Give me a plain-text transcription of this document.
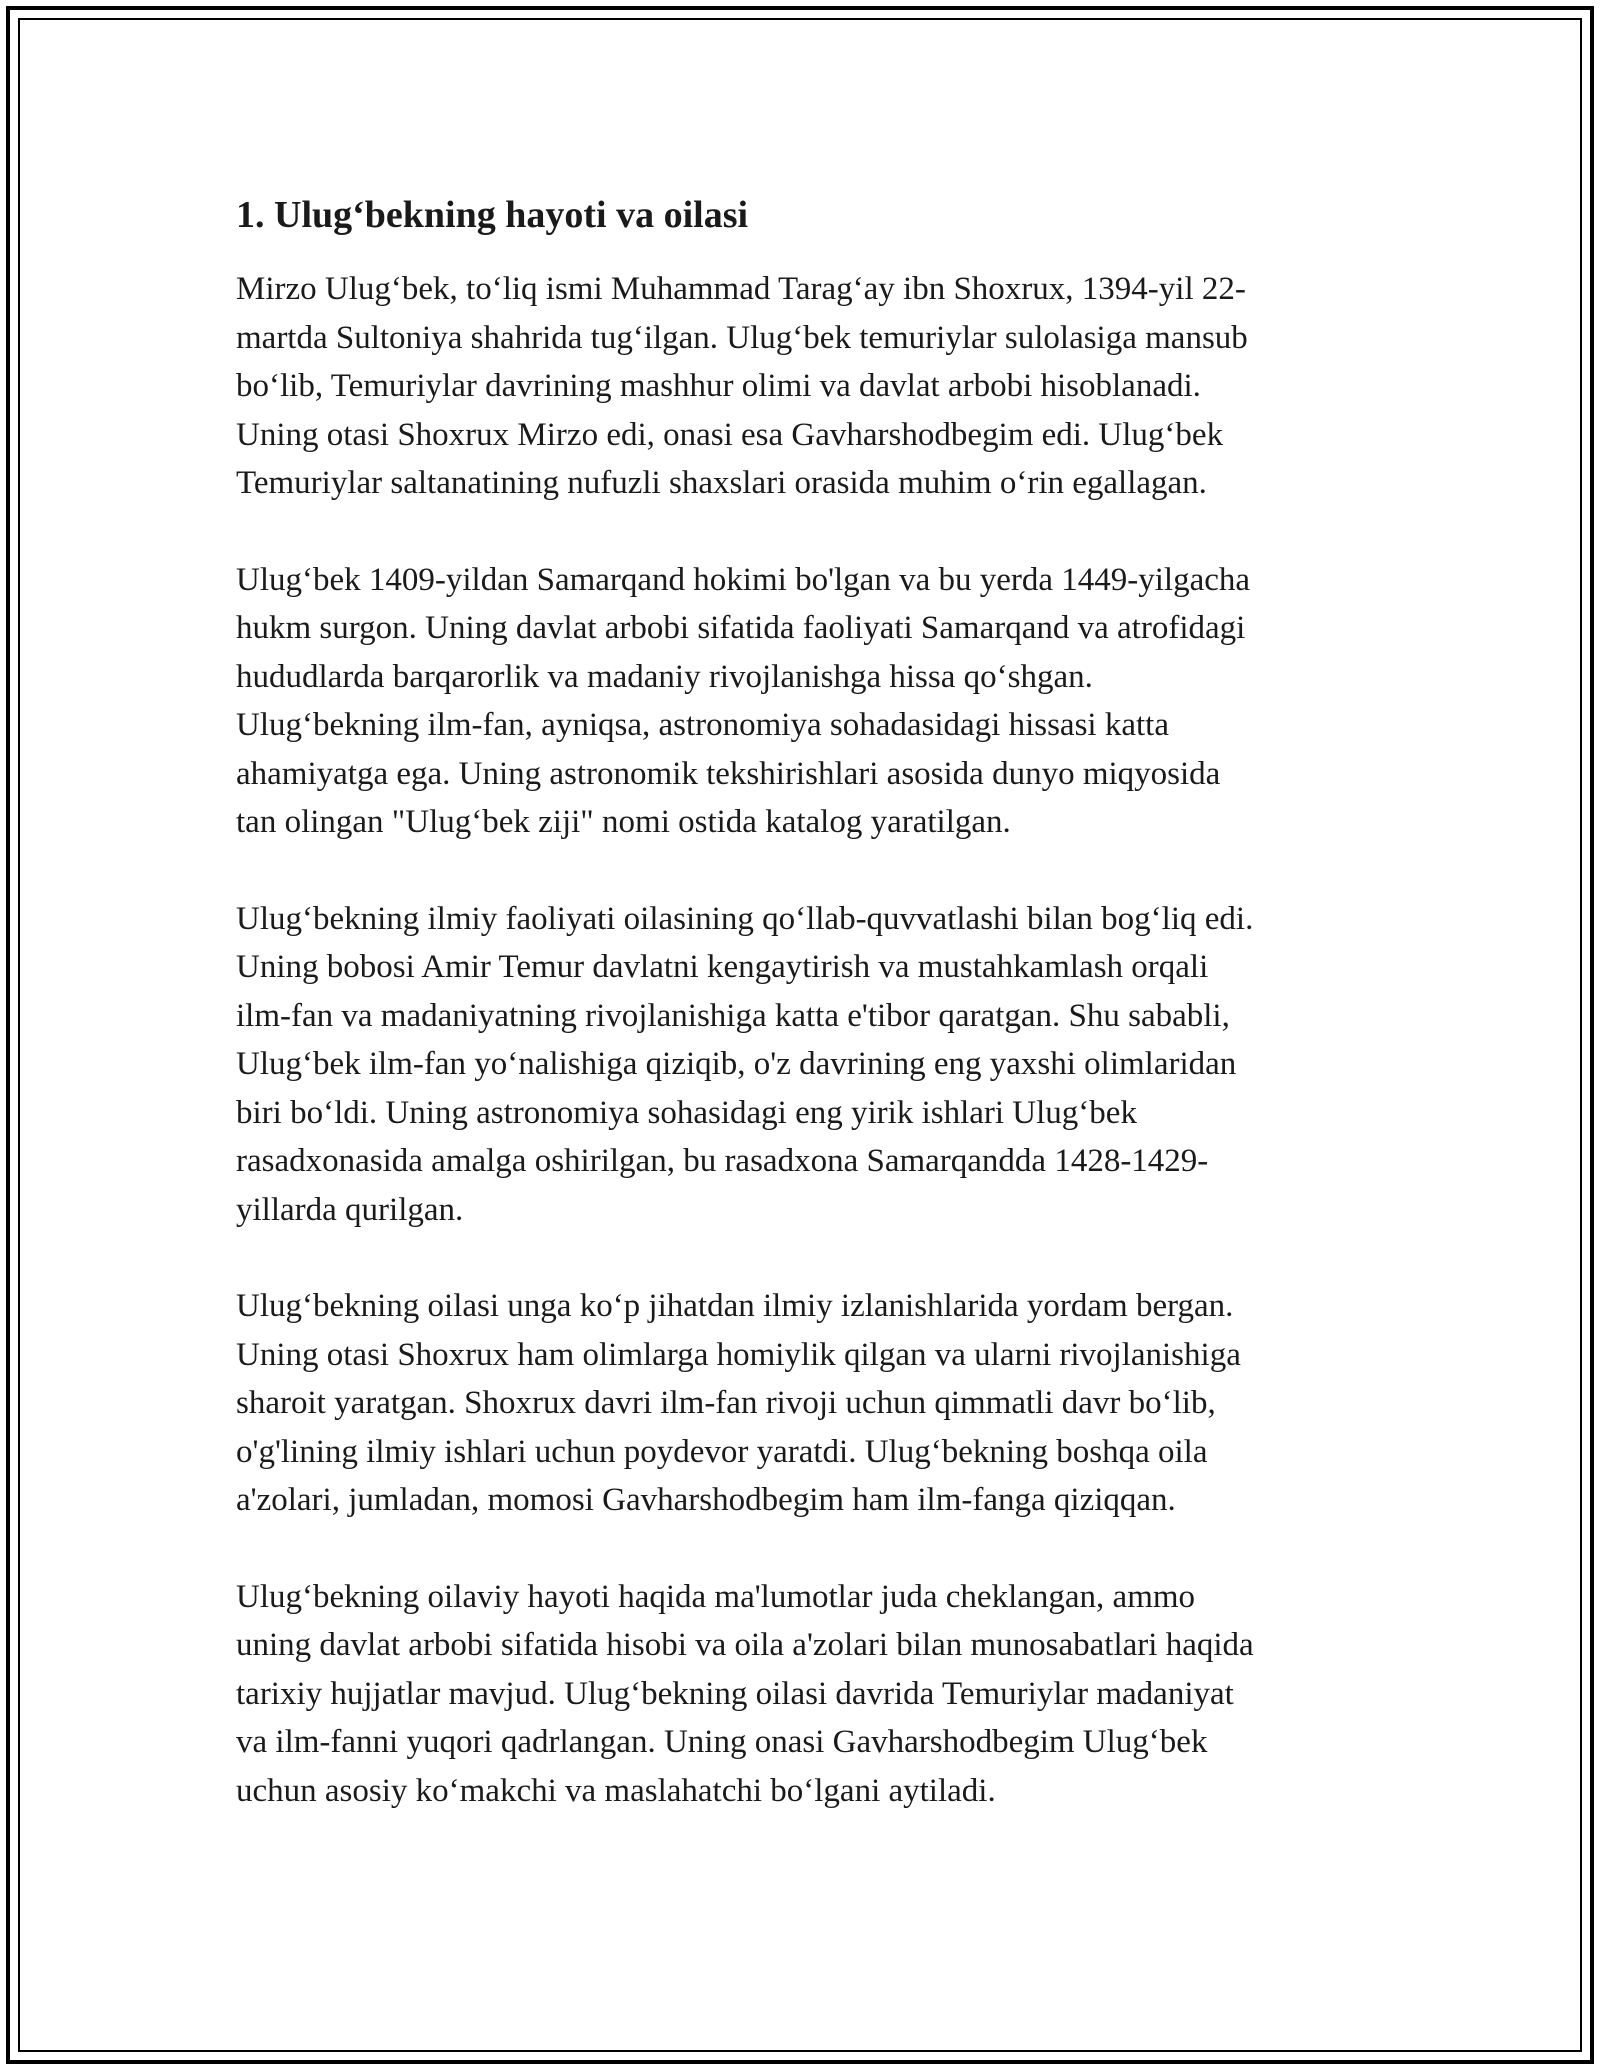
1. Ulug‘bekning hayoti va oilasi

Mirzo Ulug‘bek, to‘liq ismi Muhammad Tarag‘ay ibn Shoxrux, 1394-yil 22-
martda Sultoniya shahrida tug‘ilgan. Ulug‘bek temuriylar sulolasiga mansub
bo‘lib, Temuriylar davrining mashhur olimi va davlat arbobi hisoblanadi.
Uning otasi Shoxrux Mirzo edi, onasi esa Gavharshodbegim edi. Ulug‘bek
Temuriylar saltanatining nufuzli shaxslari orasida muhim o‘rin egallagan.

Ulug‘bek 1409-yildan Samarqand hokimi bo'lgan va bu yerda 1449-yilgacha
hukm surgon. Uning davlat arbobi sifatida faoliyati Samarqand va atrofidagi
hududlarda barqarorlik va madaniy rivojlanishga hissa qo‘shgan.
Ulug‘bekning ilm-fan, ayniqsa, astronomiya sohadasidagi hissasi katta
ahamiyatga ega. Uning astronomik tekshirishlari asosida dunyo miqyosida
tan olingan "Ulug‘bek ziji" nomi ostida katalog yaratilgan.

Ulug‘bekning ilmiy faoliyati oilasining qo‘llab-quvvatlashi bilan bog‘liq edi.
Uning bobosi Amir Temur davlatni kengaytirish va mustahkamlash orqali
ilm-fan va madaniyatning rivojlanishiga katta e'tibor qaratgan. Shu sababli,
Ulug‘bek ilm-fan yo‘nalishiga qiziqib, o'z davrining eng yaxshi olimlaridan
biri bo‘ldi. Uning astronomiya sohasidagi eng yirik ishlari Ulug‘bek
rasadxonasida amalga oshirilgan, bu rasadxona Samarqandda 1428-1429-
yillarda qurilgan.

Ulug‘bekning oilasi unga ko‘p jihatdan ilmiy izlanishlarida yordam bergan.
Uning otasi Shoxrux ham olimlarga homiylik qilgan va ularni rivojlanishiga
sharoit yaratgan. Shoxrux davri ilm-fan rivoji uchun qimmatli davr bo‘lib,
o'g'lining ilmiy ishlari uchun poydevor yaratdi. Ulug‘bekning boshqa oila
a'zolari, jumladan, momosi Gavharshodbegim ham ilm-fanga qiziqqan.

Ulug‘bekning oilaviy hayoti haqida ma'lumotlar juda cheklangan, ammo
uning davlat arbobi sifatida hisobi va oila a'zolari bilan munosabatlari haqida
tarixiy hujjatlar mavjud. Ulug‘bekning oilasi davrida Temuriylar madaniyat
va ilm-fanni yuqori qadrlangan. Uning onasi Gavharshodbegim Ulug‘bek
uchun asosiy ko‘makchi va maslahatchi bo‘lgani aytiladi.
